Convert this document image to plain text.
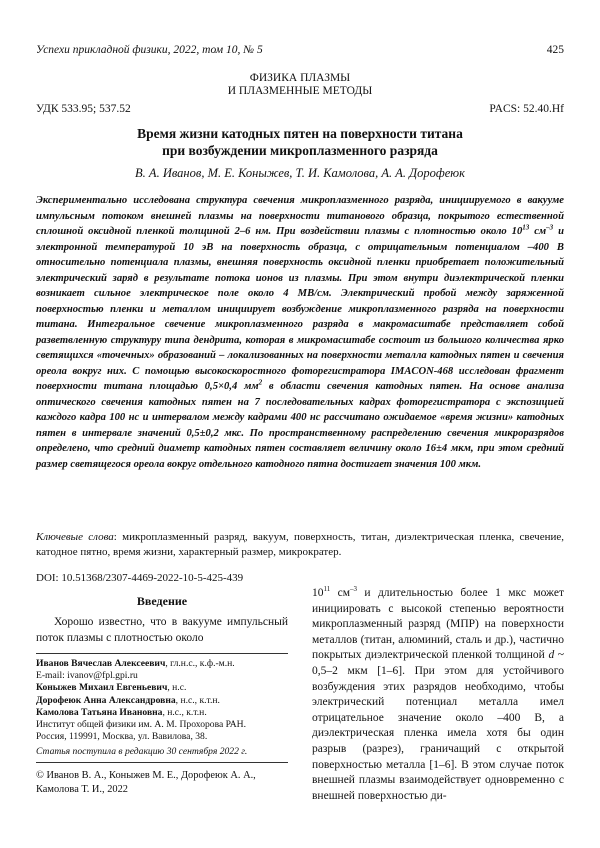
Успехи прикладной физики, 2022, том 10, № 5	425
ФИЗИКА ПЛАЗМЫ
И ПЛАЗМЕННЫЕ МЕТОДЫ
УДК 533.95; 537.52	PACS: 52.40.Hf
Время жизни катодных пятен на поверхности титана
при возбуждении микроплазменного разряда
В. А. Иванов, М. Е. Коныжев, Т. И. Камолова, А. А. Дорофеюк

Экспериментально исследована структура свечения микроплазменного разряда, инициируемого в вакууме импульсным потоком внешней плазмы на поверхности титанового образца, покрытого естественной сплошной оксидной пленкой толщиной 2–6 нм. При воздействии плазмы с плотностью около $10^{13}$ $см^{-3}$ и электронной температурой 10 эВ на поверхность образца, с отрицательным потенциалом –400 В относительно потенциала плазмы, внешняя поверхность оксидной пленки приобретает положительный электрический заряд в результате потока ионов из плазмы. При этом внутри диэлектрической пленки возникает сильное электрическое поле около 4 МВ/см. Электрический пробой между заряженной поверхностью пленки и металлом инициирует возбуждение микроплазменного разряда на поверхности титана. Интегральное свечение микроплазменного разряда в макромасштабе представляет собой разветвленную структуру типа дендрита, которая в микромасштабе состоит из большого количества ярко светящихся «точечных» образований – локализованных на поверхности металла катодных пятен и свечения ореола вокруг них. С помощью высокоскоростного фоторегистратора IMACON-468 исследован фрагмент поверхности титана площадью 0,5×0,4 $мм^2$ в области свечения катодных пятен. На основе анализа оптического свечения катодных пятен на 7 последовательных кадрах фоторегистратора с экспозицией каждого кадра 100 нс и интервалом между кадрами 400 нс рассчитано ожидаемое «время жизни» катодных пятен в интервале значений 0,5±0,2 мкс. По пространственному распределению свечения микроразрядов определено, что средний диаметр катодных пятен составляет величину около 16±4 мкм, при этом средний размер светящегося ореола вокруг отдельного катодного пятна достигает значения 100 мкм.

Ключевые слова: микроплазменный разряд, вакуум, поверхность, титан, диэлектрическая пленка, свечение, катодное пятно, время жизни, характерный размер, микрократер.

DOI: 10.51368/2307-4469-2022-10-5-425-439

Введение

Хорошо известно, что в вакууме импульсный поток плазмы с плотностью около

Иванов Вячеслав Алексеевич, гл.н.с., к.ф.-м.н.

E-mail: ivanov@fpl.gpi.ru

Коныжев Михаил Евгеньевич, н.с.

Дорофеюк Анна Александровна, н.с., к.т.н.

Камолова Татьяна Ивановна, н.с., к.т.н.

Институт общей физики им. А. М. Прохорова РАН.

Россия, 119991, Москва, ул. Вавилова, 38.

Статья поступила в редакцию 30 сентября 2022 г.

© Иванов В. А., Коныжев М. Е., Дорофеюк А. А., Камолова Т. И., 2022

$10^{11}$ $см^{-3}$ и длительностью более 1 мкс может инициировать с высокой степенью вероятности микроплазменный разряд (МПР) на поверхности металлов (титан, алюминий, сталь и др.), частично покрытых диэлектрической пленкой толщиной d ~ 0,5–2 мкм [1–6]. При этом для устойчивого возбуждения этих разрядов необходимо, чтобы электрический потенциал металла имел отрицательное значение около –400 В, а диэлектрическая пленка имела хотя бы один разрыв (разрез), граничащий с открытой поверхностью металла [1–6]. В этом случае поток внешней плазмы взаимодействует одновременно с внешней поверхностью ди-
